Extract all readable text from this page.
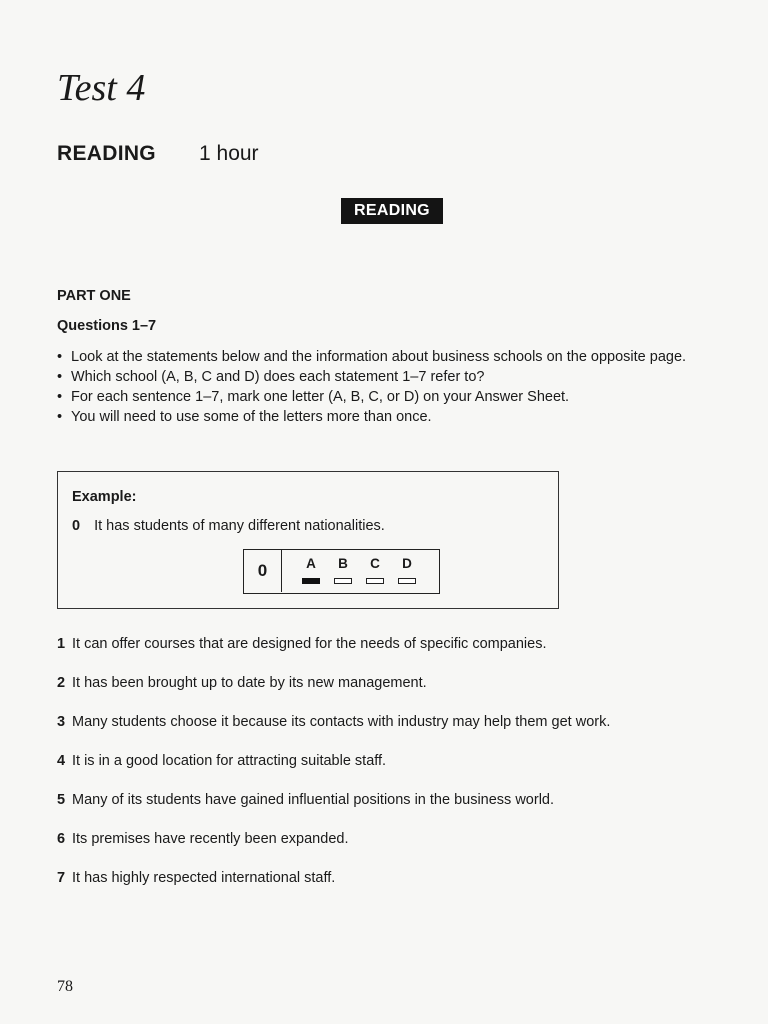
Test 4
READING 1 hour
READING
PART ONE
Questions 1–7
• Look at the statements below and the information about business schools on the opposite page.
• Which school (A, B, C and D) does each statement 1–7 refer to?
• For each sentence 1–7, mark one letter (A, B, C, or D) on your Answer Sheet.
• You will need to use some of the letters more than once.
Example:
0 It has students of many different nationalities.
0	A	B	C	D
1 It can offer courses that are designed for the needs of specific companies.
2 It has been brought up to date by its new management.
3 Many students choose it because its contacts with industry may help them get work.
4 It is in a good location for attracting suitable staff.
5 Many of its students have gained influential positions in the business world.
6 Its premises have recently been expanded.
7 It has highly respected international staff.
78
